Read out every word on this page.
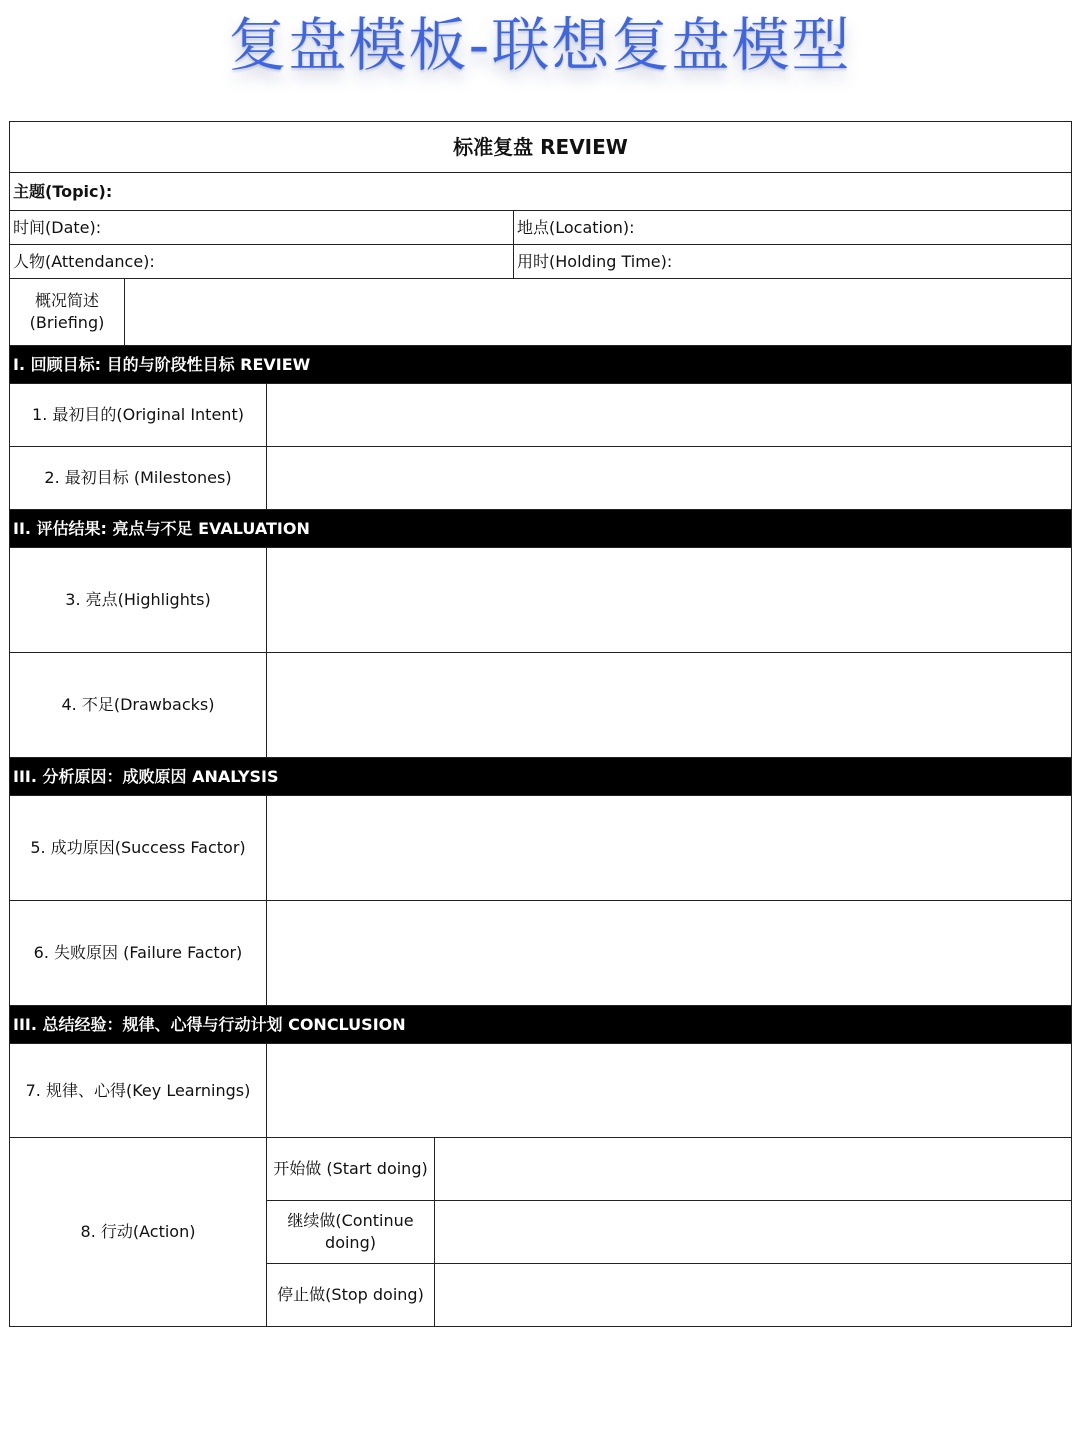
复盘模板-联想复盘模型
标准复盘 REVIEW				
主题(Topic):				
时间(Date):				地点(Location):
人物(Attendance):				用时(Holding Time):
概况简述
(Briefing)				
I. 回顾目标: 目的与阶段性目标 REVIEW				
1. 最初目的(Original Intent)				
2. 最初目标 (Milestones)				
II. 评估结果: 亮点与不足 EVALUATION				
3. 亮点(Highlights)				
4. 不足(Drawbacks)				
III. 分析原因：成败原因 ANALYSIS				
5. 成功原因(Success Factor)				
6. 失败原因 (Failure Factor)				
III. 总结经验：规律、心得与行动计划 CONCLUSION				
7. 规律、心得(Key Learnings)				
8. 行动(Action)		开始做 (Start doing)		
		继续做(Continue doing)		
		停止做(Stop doing)		
